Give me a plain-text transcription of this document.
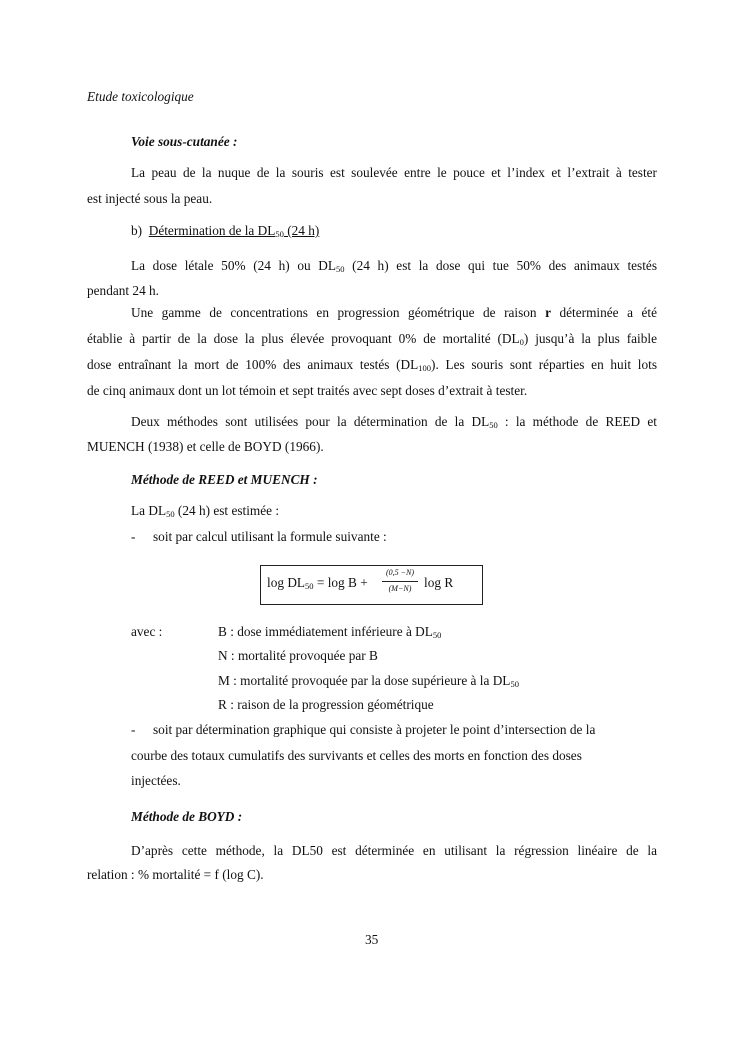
Etude toxicologique

Voie sous-cutanée :

La peau de la nuque de la souris est soulevée entre le pouce et l’index et l’extrait à tester

est injecté sous la peau.

b) Détermination de la $DL_{50}$ (24 h)

La dose létale 50% (24 h) ou $DL_{50}$ (24 h) est la dose qui tue 50% des animaux testés

pendant 24 h.

Une gamme de concentrations en progression géométrique de raison r déterminée a été

établie à partir de la dose la plus élevée provoquant 0% de mortalité $(DL_0)$ jusqu’à la plus faible

dose entraînant la mort de 100% des animaux testés $(DL_{100})$. Les souris sont réparties en huit lots

de cinq animaux dont un lot témoin et sept traités avec sept doses d’extrait à tester.

Deux méthodes sont utilisées pour la détermination de la $DL_{50}$ : la méthode de REED et

MUENCH (1938) et celle de BOYD (1966).

Méthode de REED et MUENCH :

La $DL_{50}$ (24 h) est estimée :

- soit par calcul utilisant la formule suivante :

$\log DL_{50} = \log B$ +
(0,5 −N)
(M−N) log R

avec :	B : dose immédiatement inférieure à $DL_{50}$

N : mortalité provoquée par B

M : mortalité provoquée par la dose supérieure à la $DL_{50}$

R : raison de la progression géométrique

- soit par détermination graphique qui consiste à projeter le point d’intersection de la

courbe des totaux cumulatifs des survivants et celles des morts en fonction des doses

injectées.

Méthode de BOYD :

D’après cette méthode, la DL50 est déterminée en utilisant la régression linéaire de la

relation : % mortalité = f (log C).

35
